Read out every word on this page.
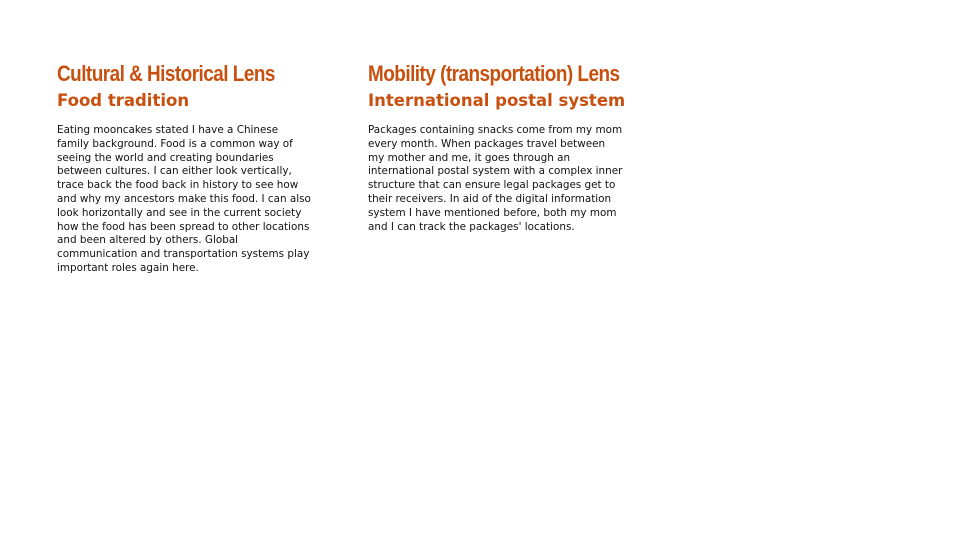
Cultural & Historical Lens
Food tradition

Eating mooncakes stated I have a Chinese family background. Food is a common way of seeing the world and creating boundaries between cultures. I can either look vertically, trace back the food back in history to see how and why my ancestors make this food. I can also look horizontally and see in the current society how the food has been spread to other locations and been altered by others. Global communication and transportation systems play important roles again here.

Mobility (transportation) Lens
International postal system

Packages containing snacks come from my mom every month. When packages travel between my mother and me, it goes through an international postal system with a complex inner structure that can ensure legal packages get to their receivers. In aid of the digital information system I have mentioned before, both my mom and I can track the packages' locations.
